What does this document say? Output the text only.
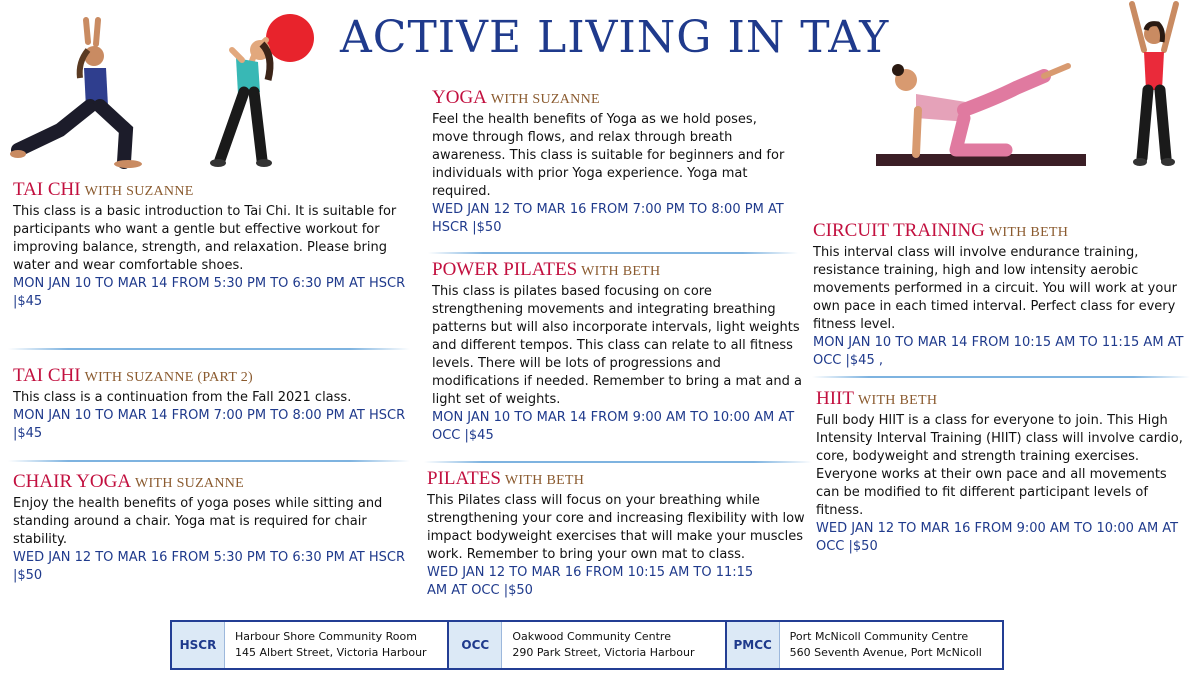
ACTIVE LIVING IN TAY
TAI CHI WITH SUZANNE
This class is a basic introduction to Tai Chi. It is suitable for participants who want a gentle but effective workout for improving balance, strength, and relaxation. Please bring water and wear comfortable shoes.
MON JAN 10 TO MAR 14 FROM 5:30 PM TO 6:30 PM AT HSCR |$45
TAI CHI WITH SUZANNE (PART 2)
This class is a continuation from the Fall 2021 class.
MON JAN 10 TO MAR 14 FROM 7:00 PM TO 8:00 PM AT HSCR |$45
CHAIR YOGA WITH SUZANNE
Enjoy the health benefits of yoga poses while sitting and standing around a chair. Yoga mat is required for chair stability.
WED JAN 12 TO MAR 16 FROM 5:30 PM TO 6:30 PM AT HSCR |$50
YOGA WITH SUZANNE
Feel the health benefits of Yoga as we hold poses, move through flows, and relax through breath awareness. This class is suitable for beginners and for individuals with prior Yoga experience. Yoga mat required.
WED JAN 12 TO MAR 16 FROM 7:00 PM TO 8:00 PM AT HSCR |$50
POWER PILATES WITH BETH
This class is pilates based focusing on core strengthening movements and integrating breathing patterns but will also incorporate intervals, light weights and different tempos. This class can relate to all fitness levels. There will be lots of progressions and modifications if needed. Remember to bring a mat and a light set of weights.
MON JAN 10 TO MAR 14 FROM 9:00 AM TO 10:00 AM AT OCC |$45
PILATES WITH BETH
This Pilates class will focus on your breathing while strengthening your core and increasing flexibility with low impact bodyweight exercises that will make your muscles work. Remember to bring your own mat to class.
WED JAN 12 TO MAR 16 FROM 10:15 AM TO 11:15 AM AT OCC |$50
CIRCUIT TRAINING WITH BETH
This interval class will involve endurance training, resistance training, high and low intensity aerobic movements performed in a circuit. You will work at your own pace in each timed interval. Perfect class for every fitness level.
MON JAN 10 TO MAR 14 FROM 10:15 AM TO 11:15 AM AT OCC |$45 ,
HIIT WITH BETH
Full body HIIT is a class for everyone to join. This High Intensity Interval Training (HIIT) class will involve cardio, core, bodyweight and strength training exercises. Everyone works at their own pace and all movements can be modified to fit different participant levels of fitness.
WED JAN 12 TO MAR 16 FROM 9:00 AM TO 10:00 AM AT OCC |$50
HSCR
Harbour Shore Community Room
145 Albert Street, Victoria Harbour
OCC
Oakwood Community Centre
290 Park Street, Victoria Harbour
PMCC
Port McNicoll Community Centre
560 Seventh Avenue, Port McNicoll
